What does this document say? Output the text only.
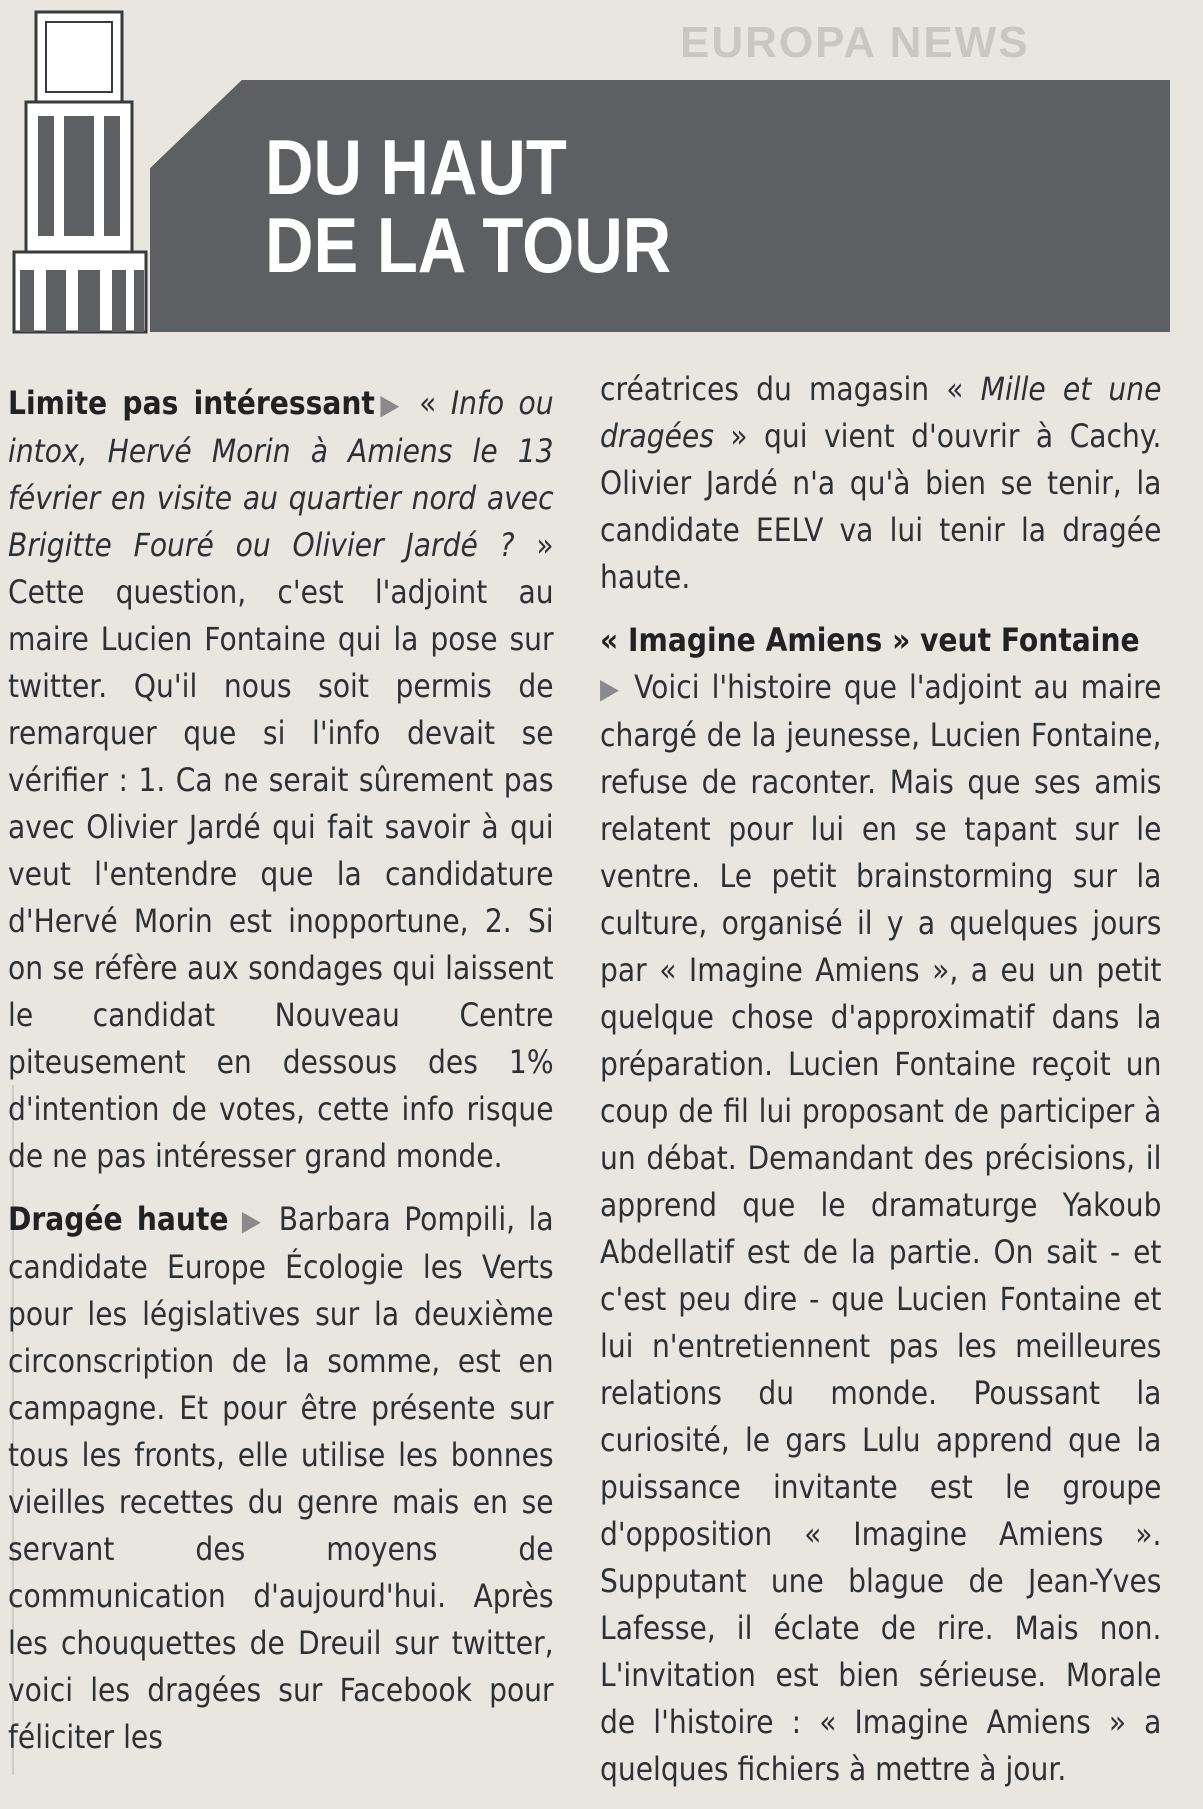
EUROPA NEWS
DU HAUT
DE LA TOUR

Limite pas intéressant▶ « Info ou intox, Hervé Morin à Amiens le 13 février en visite au quartier nord avec Brigitte Fouré ou Olivier Jardé ? » Cette question, c'est l'adjoint au maire Lucien Fontaine qui la pose sur twitter. Qu'il nous soit permis de remarquer que si l'info devait se vérifier : 1. Ca ne serait sûrement pas avec Olivier Jardé qui fait savoir à qui veut l'entendre que la candidature d'Hervé Morin est inopportune, 2. Si on se réfère aux sondages qui laissent le candidat Nouveau Centre piteusement en dessous des 1% d'intention de votes, cette info risque de ne pas intéresser grand monde.

Dragée haute ▶ Barbara Pompili, la candidate Europe Écologie les Verts pour les législatives sur la deuxième circonscription de la somme, est en campagne. Et pour être présente sur tous les fronts, elle utilise les bonnes vieilles recettes du genre mais en se servant des moyens de communication d'aujourd'hui. Après les chouquettes de Dreuil sur twitter, voici les dragées sur Facebook pour féliciter les

créatrices du magasin « Mille et une dragées » qui vient d'ouvrir à Cachy. Olivier Jardé n'a qu'à bien se tenir, la candidate EELV va lui tenir la dragée haute.

« Imagine Amiens » veut Fontaine
▶ Voici l'histoire que l'adjoint au maire chargé de la jeunesse, Lucien Fontaine, refuse de raconter. Mais que ses amis relatent pour lui en se tapant sur le ventre. Le petit brainstorming sur la culture, organisé il y a quelques jours par « Imagine Amiens », a eu un petit quelque chose d'approximatif dans la préparation. Lucien Fontaine reçoit un coup de fil lui proposant de participer à un débat. Demandant des précisions, il apprend que le dramaturge Yakoub Abdellatif est de la partie. On sait - et c'est peu dire - que Lucien Fontaine et lui n'entretiennent pas les meilleures relations du monde. Poussant la curiosité, le gars Lulu apprend que la puissance invitante est le groupe d'opposition « Imagine Amiens ». Supputant une blague de Jean-Yves Lafesse, il éclate de rire. Mais non. L'invitation est bien sérieuse. Morale de l'histoire : « Imagine Amiens » a quelques fichiers à mettre à jour.
